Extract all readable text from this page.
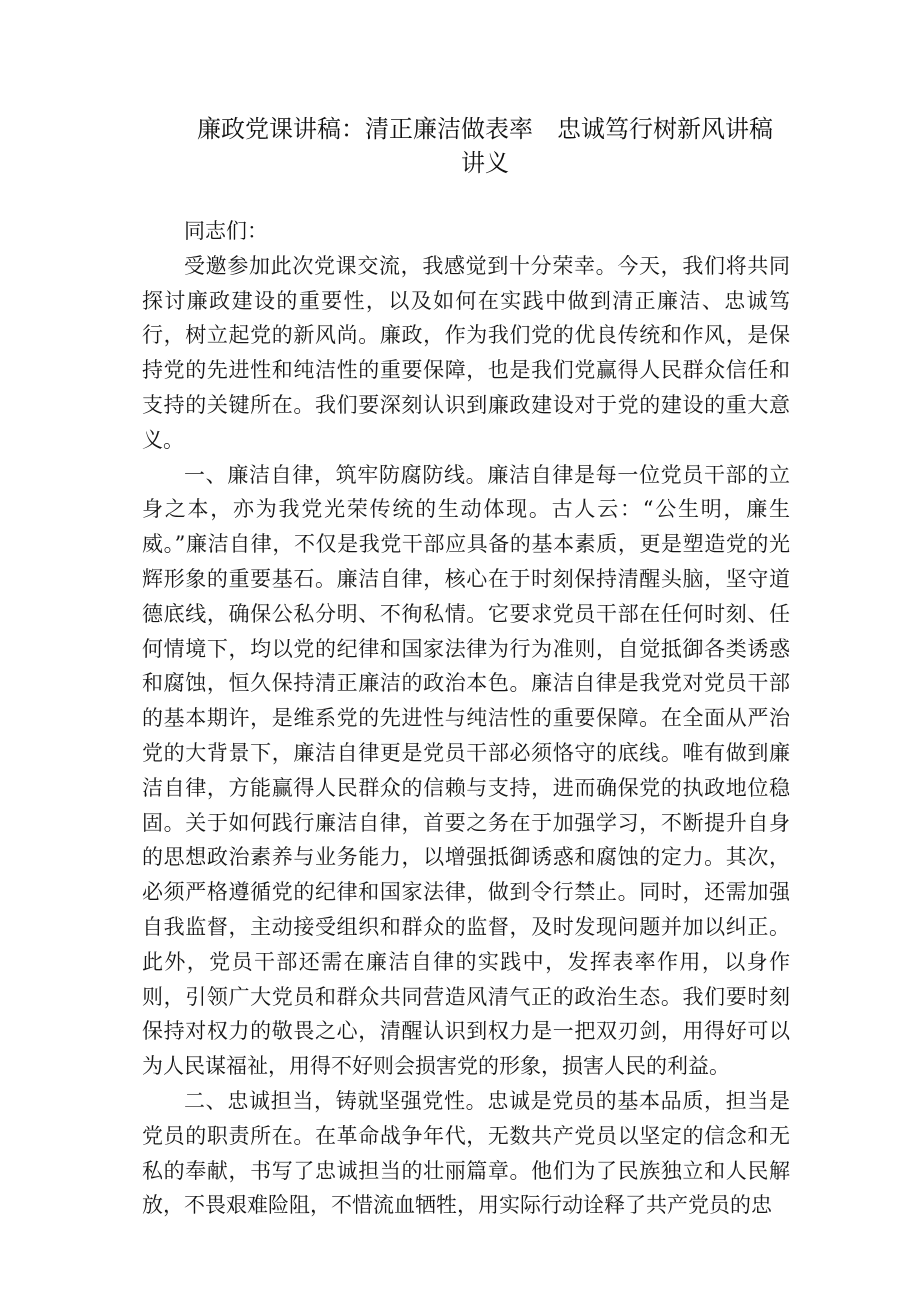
廉政党课讲稿：清正廉洁做表率　忠诚笃行树新风讲稿
讲义

同志们：

受邀参加此次党课交流，我感觉到十分荣幸。今天，我们将共同探讨廉政建设的重要性，以及如何在实践中做到清正廉洁、忠诚笃行，树立起党的新风尚。廉政，作为我们党的优良传统和作风，是保持党的先进性和纯洁性的重要保障，也是我们党赢得人民群众信任和支持的关键所在。我们要深刻认识到廉政建设对于党的建设的重大意义。

一、廉洁自律，筑牢防腐防线。廉洁自律是每一位党员干部的立身之本，亦为我党光荣传统的生动体现。古人云：“公生明，廉生威。”廉洁自律，不仅是我党干部应具备的基本素质，更是塑造党的光辉形象的重要基石。廉洁自律，核心在于时刻保持清醒头脑，坚守道德底线，确保公私分明、不徇私情。它要求党员干部在任何时刻、任何情境下，均以党的纪律和国家法律为行为准则，自觉抵御各类诱惑和腐蚀，恒久保持清正廉洁的政治本色。廉洁自律是我党对党员干部的基本期许，是维系党的先进性与纯洁性的重要保障。在全面从严治党的大背景下，廉洁自律更是党员干部必须恪守的底线。唯有做到廉洁自律，方能赢得人民群众的信赖与支持，进而确保党的执政地位稳固。关于如何践行廉洁自律，首要之务在于加强学习，不断提升自身的思想政治素养与业务能力，以增强抵御诱惑和腐蚀的定力。其次，必须严格遵循党的纪律和国家法律，做到令行禁止。同时，还需加强自我监督，主动接受组织和群众的监督，及时发现问题并加以纠正。此外，党员干部还需在廉洁自律的实践中，发挥表率作用，以身作则，引领广大党员和群众共同营造风清气正的政治生态。我们要时刻保持对权力的敬畏之心，清醒认识到权力是一把双刃剑，用得好可以为人民谋福祉，用得不好则会损害党的形象，损害人民的利益。

二、忠诚担当，铸就坚强党性。忠诚是党员的基本品质，担当是党员的职责所在。在革命战争年代，无数共产党员以坚定的信念和无私的奉献，书写了忠诚担当的壮丽篇章。他们为了民族独立和人民解放，不畏艰难险阻，不惜流血牺牲，用实际行动诠释了共产党员的忠
